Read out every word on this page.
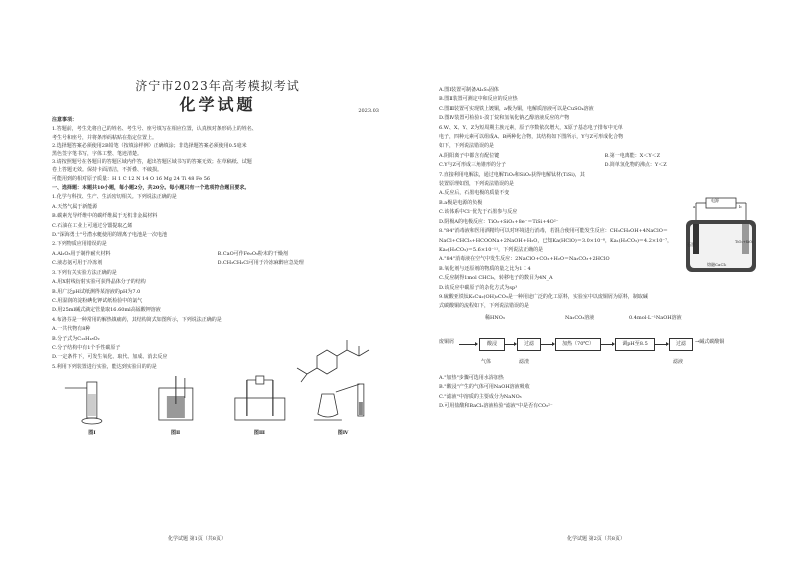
济宁市2023年高考模拟考试
化学试题	2023.03
注意事项：
1.答题前，考生先将自己的姓名、考生号、座号填写在相应位置，认真核对条形码上的姓名、
考生号和座号，并将条形码粘贴在指定位置上。
2.选择题答案必须使用2B铅笔（按填涂样例）正确填涂；非选择题答案必须使用0.5毫米
黑色签字笔书写，字体工整、笔迹清楚。
3.请按照题号在各题目的答题区域内作答，超出答题区域书写的答案无效；在草稿纸、试题
卷上答题无效。保持卡面清洁，不折叠、不破损。
可能用到的相对原子质量：H 1 C 12 N 14 O 16 Mg 24 Ti 48 Fe 56
一、选择题：本题共10小题，每小题2分，共20分。每小题只有一个选项符合题目要求。
1.化学与科技、生产、生活密切相关。下列说法正确的是
A.天然气属于新能源
B.碳素光导纤维中的碳纤维属于无机非金属材料
C.石油在工业上可通过分馏提取乙烯
D."深海勇士"号潜水艇使用的锂离子电池是一次电池
2.下列物质应用错误的是
A.Al₂O₃用于制作耐火材料	B.CaO可作Fe₂O₃粉末的干燥剂
C.液态氨可用于冷冻剂	D.CH₃CH₂Cl可用于冷冻麻醉应急处理
3.下列有关实验方法正确的是
A.用X射线衍射实验可获得晶体分子的结构
B.用广泛pH试纸测得某溶液的pH为7.0
C.用湿润的淀粉碘化钾试纸检验中的氯气
D.用25ml碱式滴定管量取16.60ml高锰酸钾溶液
4.布洛芬是一种常用的解热镇痛药，其结构简式如图所示，下列说法正确的是
A.一共代物有8种
B.分子式为C₁₃H₁₈O₂
C.分子结构中有1个手性碳原子
D.一定条件下，可发生氧化、取代、加成、消去反应
5.利用下列装置进行实验，能达到实验目的的是
图Ⅰ	图Ⅱ	图Ⅲ	图Ⅳ
化学试题 第1页（共8页）
A.图Ⅰ装置可制备Al₂S₃固体
B.图Ⅱ装置可测定中和反应的反应热
C.图Ⅲ装置可实现铁上镀铜，a极为铜，电解质溶液可以是CuSO₄溶液
D.图Ⅳ装置可检验1-溴丁烷和氢氧化钠乙醇溶液反应的产物
6.W、X、Y、Z为短周期主族元素，原子序数依次增大，X原子基态电子排布中无单
电子，四种元素可以组成A、B两种化合物，其结构如下图所示，Y与Z可形成化合物
如下，下列说法错误的是
A.阴阳离子中都含有配位键	B.第一电离能：X＜Y＜Z
C.Y与Z可形成三角锥形的分子	D.简单氢化物的沸点：Y＜Z
7.直接利用电解法，通过电解TiO₂和SiO₂获得电解钛材(TiSi)，其
装置原理如图，下列说法错误的是
A.反应后，石墨电极的质量不变
B.a极是电源的负极
C.该体系中Cl⁻优先于石墨参与反应
D.阴极A的电极反应：TiO₂+SiO₂+8e⁻＝TiSi+4O²⁻
8."84"消毒液和医用酒精均可以对环境进行消毒，若混合使用可能发生反应：CH₃CH₂OH+4NaClO＝
NaCl+CHCl₃+HCOONa+2NaOH+H₂O，已知Ka(HClO)＝3.0×10⁻⁸，Ka₁(H₂CO₃)＝4.2×10⁻⁷，
Ka₂(H₂CO₃)＝5.6×10⁻¹¹，下列说法正确的是
A."84"消毒液在空气中发生反应：2NaClO+CO₂+H₂O＝Na₂CO₃+2HClO
B.氧化剂与还原剂的物质的量之比为1∶4
C.反应制得1mol CHCl₃，转移电子的数目为4N_A
D.该反应中碳原子的杂化方式为sp³
9.硫酸亚铁钛K₂Cu₂(OH)₂CO₃是一种用途广泛的化工原料，实验室中以废铜屑为原料，制取碱
式碳酸铜的流程如下，下列说法错误的是
稀HNO₃	Na₂CO₃溶液	0.4mol·L⁻¹NaOH溶液
废铜屑	酸浸	过滤	加热（70℃）	调pH至8.5	过滤	→碱式碳酸铜
气体	滤渣	滤液
A."加热"步骤可选用水浴加热
B."酸浸"产生的气体可用NaOH溶液吸收
C."滤液"中溶质的主要成分为NaNO₃
D.可用盐酸和BaCl₂溶液检验"滤液"中是否有CO₃²⁻
化学试题 第2页（共8页）
电源
a	b
石墨	TiO₂+SiO₂
熔融CaCl₂
